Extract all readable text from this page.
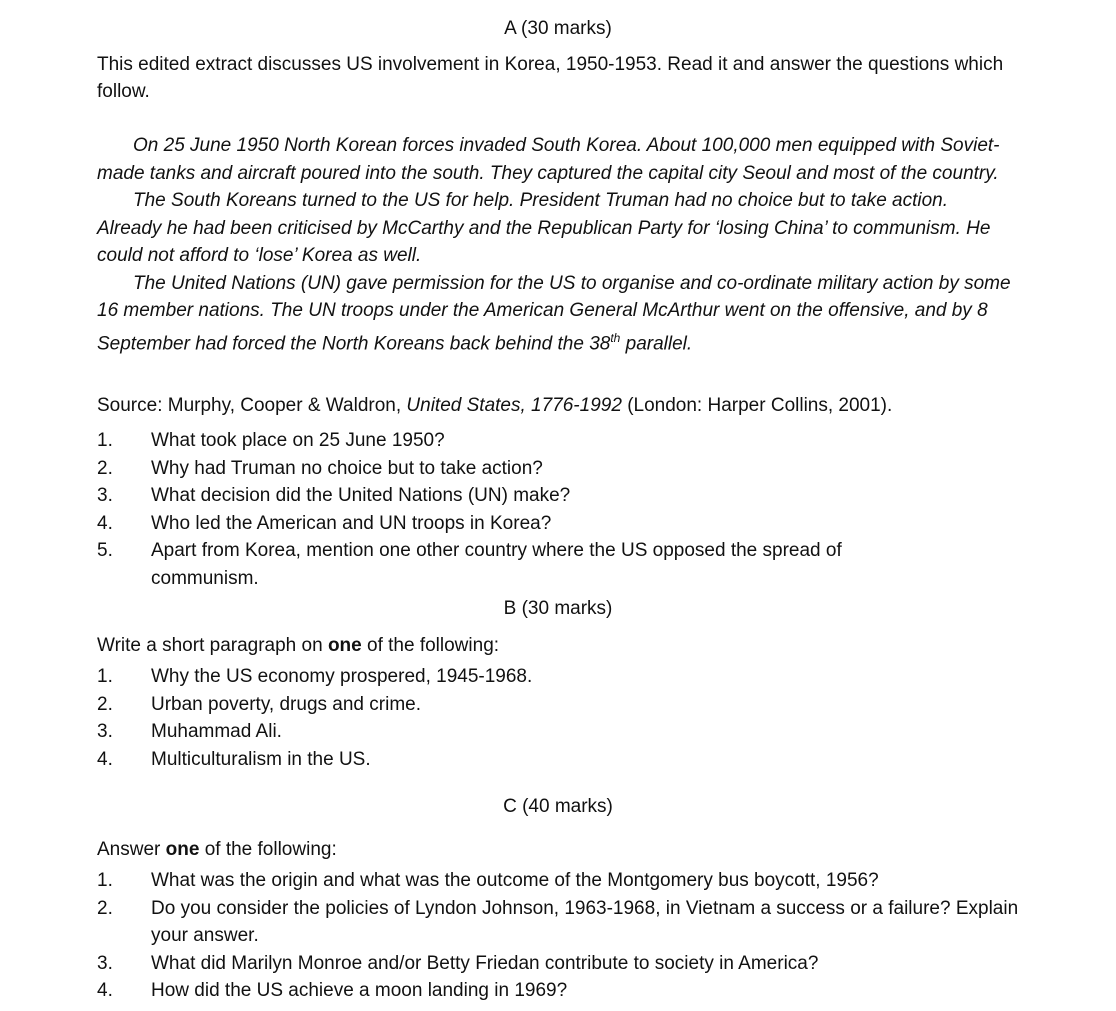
A (30 marks)
This edited extract discusses US involvement in Korea, 1950-1953. Read it and answer the questions which follow.

On 25 June 1950 North Korean forces invaded South Korea. About 100,000 men equipped with Soviet-made tanks and aircraft poured into the south. They captured the capital city Seoul and most of the country.

The South Koreans turned to the US for help. President Truman had no choice but to take action. Already he had been criticised by McCarthy and the Republican Party for ‘losing China’ to communism. He could not afford to ‘lose’ Korea as well.

The United Nations (UN) gave permission for the US to organise and co-ordinate military action by some 16 member nations. The UN troops under the American General McArthur went on the offensive, and by 8 September had forced the North Koreans back behind the 38th parallel.

Source: Murphy, Cooper & Waldron, United States, 1776-1992 (London: Harper Collins, 2001).
1. What took place on 25 June 1950?
2. Why had Truman no choice but to take action?
3. What decision did the United Nations (UN) make?
4. Who led the American and UN troops in Korea?
5. Apart from Korea, mention one other country where the US opposed the spread of communism.
B (30 marks)
Write a short paragraph on one of the following:
1. Why the US economy prospered, 1945-1968.
2. Urban poverty, drugs and crime.
3. Muhammad Ali.
4. Multiculturalism in the US.
C (40 marks)
Answer one of the following:
1. What was the origin and what was the outcome of the Montgomery bus boycott, 1956?
2. Do you consider the policies of Lyndon Johnson, 1963-1968, in Vietnam a success or a failure? Explain your answer.
3. What did Marilyn Monroe and/or Betty Friedan contribute to society in America?
4. How did the US achieve a moon landing in 1969?
